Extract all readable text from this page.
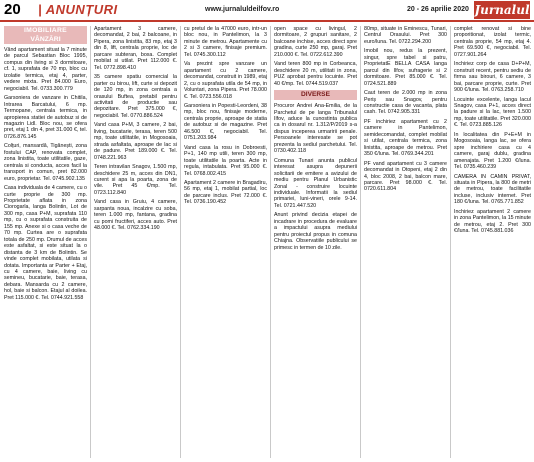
20 | ANUNȚURI	www.jurnaluldeilfov.ro	20 - 26 aprilie 2020 Jurnalul
IMOBILIARE
VÂNZĂRI

Vând apartament situat la 7 minute de parcul Sebastian Bloc 1995, compus din living si 3 dormitoare, cf. 1, suprafata de 70 mp, bloc cu izolatie termica, etaj 4, parter, vedere mixta. Pret 84.000 Euro, negociabil. Tel. 0733.300.779

Garsoniera de vanzare in Chitila, Intrarea Barcatului, 6 mp. Termopane, centrala termica, in apropierea statiei de autobuz si de magazin Lidl. Bloc nou, se ofera pret, etaj 1 din 4, pret 31.000 €, tel. 0726.876.145

Colțuri, mansardă, Tigănești, zona fostului CAP, renovata complet, zona linistita, toate utilitatile, gaze, centrala si conducta, acces facil la transport in comun, pret 82.000 euro, proprietar. Tel. 0745.902.135

Casa individuala de 4 camere, cu o curte proprie de 300 mp. Proprietate aflata in zona Ciorogarla, langa Bolintin, Lot de 300 mp, casa P+M, suprafata 110 mp, cu o suprafata construita de 155 mp. Anexe si o casa veche de 70 mp. Curtea are o suprafata totala de 250 mp. Drumul de acces este asfaltat, si este situat la o distanta de 3 km de Bolintin. Se vinde complet mobilata, utilata si dotata. Importanta ar Parter + Etaj, cu 4 camere, baie, living cu semineu, bucatarie, baie, terasa, debara. Mansarda cu 2 camere, hol, baie si balcon. Etajul al doilea. Pret 115.000 €. Tel. 0744.921.558

Apartament 3 camere, decomandat, 2 bai, 2 balcoane, in Pipera, zona linistita, 83 mp, etaj 3 din 8, lift, centrala proprie, loc de parcare subteran, boxa. Complet mobilat si utilat. Pret 112.000 €. Tel. 0772.898.410

35 camere spatiu comercial la parter cu birou, lift, curte si depozit de 120 mp, in zona centrala a orasului Buftea, pretabil pentru activitati de productie sau depozitare. Pret 375.000 €, negociabil. Tel. 0770.886.524

Vand casa P+M, 3 camere, 2 bai, living, bucatarie, terasa, teren 500 mp, toate utilitatile, in Mogosoaia, strada asfaltata, aproape de lac si de padure. Pret 189.000 €. Tel. 0748.221.963

Teren intravilan Snagov, 1.500 mp, deschidere 25 m, acces din DN1, curent si apa la poarta, zona de vile. Pret 45 €/mp. Tel. 0723.112.840

Vand casa in Gruiu, 4 camere, sarpanta noua, incalzire cu soba, teren 1.000 mp, fantana, gradina cu pomi fructiferi, acces auto. Pret 48.000 €. Tel. 0762.334.190

cu pretul de la 47000 euro, intr-un bloc nou, in Pantelimon, la 3 minute de metrou. Apartamente cu 2 si 3 camere, finisaje premium. Tel. 0745.300.112

Va prezint spre vanzare un apartament cu 2 camere, decomandat, construit in 1989, etaj 2, cu o suprafata utila de 54 mp, in Voluntari, zona Pipera. Pret 78.000 €. Tel. 0723.556.018

Garsoniera in Popesti-Leordeni, 38 mp, bloc nou, finisaje moderne, centrala proprie, aproape de statia de autobuz si de magazine. Pret 46.500 €, negociabil. Tel. 0751.203.984

Vand casa la rosu in Dobroesti, P+1, 140 mp utili, teren 300 mp, toate utilitatile la poarta. Acte in regula, intabulata. Pret 95.000 €. Tel. 0768.002.415

Apartament 2 camere in Bragadiru, 56 mp, etaj 1, mobilat partial, loc de parcare inclus. Pret 72.000 €. Tel. 0736.190.452

open space cu livingul, 2 dormitoare, 2 grupuri sanitare, 2 balcoane inchise, acces direct spre gradina, curte 250 mp, garaj. Pret 210.000 €. Tel. 0722.612.390

Vand teren 800 mp in Corbeanca, deschidere 20 m, utilitati in zona, PUZ aprobat pentru locuinte. Pret 40 €/mp. Tel. 0744.519.037

DIVERSE

Procuror Andrei Ana-Emilia, de la Parchetul de pe langa Tribunalul Ilfov, aduce la cunostinta publica ca in dosarul nr. 1.312/P/2019 s-a dispus inceperea urmaririi penale. Persoanele interesate se pot prezenta la sediul parchetului. Tel. 0730.402.118

Comuna Tunari anunta publicul interesat asupra depunerii solicitarii de emitere a avizului de mediu pentru Planul Urbanistic Zonal - construire locuinte individuale. Informatii la sediul primariei, luni-vineri, orele 9-14. Tel. 0721.447.520

Anunt privind decizia etapei de incadrare in procedura de evaluare a impactului asupra mediului pentru proiectul propus in comuna Chiajna. Observatiile publicului se primesc in termen de 10 zile.

80mp, situate in Eminescu, Tunari, Centrul Orasului. Pret 300 euro/luna. Tel. 0722.294.200

Imobil nou, redus la prezent, singur, spre tabel si patru, ProprietatE BELLA CASA langa parcul din Ilfov, sufragerie si 2 dormitoare. Pret 85.000 €. Tel. 0724.521.889

Caut teren de 2.000 mp in zona Periș sau Snagov, pentru constructie casa de vacanta, plata cash. Tel. 0742.905.331

PF inchiriez apartament cu 2 camere in Pantelimon, semidecomandat, complet mobilat si utilat, centrala termica, zona linistita, aproape de metrou. Pret 350 €/luna. Tel. 0769.344.201

PF vand apartament cu 3 camere decomandat in Otopeni, etaj 2 din 4, bloc 2008, 2 bai, balcon mare, parcare. Pret 98.000 €. Tel. 0720.611.804

complet renovat si bine proporitionat, izolat termic, centrala proprie, 54 mp, etaj 4. Pret 69.500 €, negociabil. Tel. 0727.901.264

Inchiriez corp de casa D+P+M, construit recent, pentru sediu de firma sau birouri, 6 camere, 3 bai, parcare proprie, curte. Pret 900 €/luna. Tel. 0763.258.710

Locuinte excelente, langa lacul Snagov, casa P+1, acces direct la padure si la lac, teren 1.500 mp, toate utilitatile. Pret 320.000 €. Tel. 0723.885.126

In localitatea din P+E+M in Mogosoaia, langa lac, se ofera spre inchiriere casa cu 4 camere, garaj dublu, gradina amenajata. Pret 1.200 €/luna. Tel. 0735.460.239

CAMERA IN CAMIN PRIVAT, situata in Pipera, la 800 de metri de metrou, toate facilitatile incluse, inclusiv internet. Pret 180 €/luna. Tel. 0765.771.852

Inchiriez apartament 2 camere in zona Pantelimon, la 15 minute de metrou, etaj 2. Pret 300 €/luna. Tel. 0745.881.036
